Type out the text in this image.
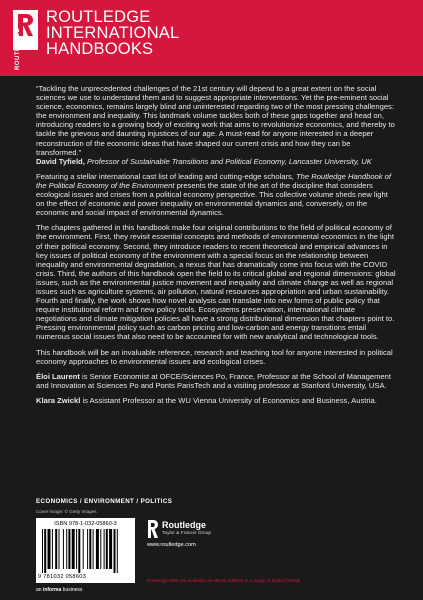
ROUTLEDGE
ROUTLEDGE
INTERNATIONAL
HANDBOOKS
“Tackling the unprecedented challenges of the 21st century will depend to a great extent on the social sciences we use to understand them and to suggest appropriate interventions. Yet the pre-eminent social science, economics, remains largely blind and uninterested regarding two of the most pressing challenges: the environment and inequality. This landmark volume tackles both of these gaps together and head on, introducing readers to a growing body of exciting work that aims to revolutionize economics, and thereby to tackle the grievous and daunting injustices of our age. A must-read for anyone interested in a deeper reconstruction of the economic ideas that have shaped our current crisis and how they can be transformed.”
David Tyfield, Professor of Sustainable Transitions and Political Economy, Lancaster University, UK

Featuring a stellar international cast list of leading and cutting-edge scholars, The Routledge Handbook of the Political Economy of the Environment presents the state of the art of the discipline that considers ecological issues and crises from a political economy perspective. This collective volume sheds new light on the effect of economic and power inequality on environmental dynamics and, conversely, on the economic and social impact of environmental dynamics.

The chapters gathered in this handbook make four original contributions to the field of political economy of the environment. First, they revisit essential concepts and methods of environmental economics in the light of their political economy. Second, they introduce readers to recent theoretical and empirical advances in key issues of political economy of the environment with a special focus on the relationship between inequality and environmental degradation, a nexus that has dramatically come into focus with the COVID crisis. Third, the authors of this handbook open the field to its critical global and regional dimensions: global issues, such as the environmental justice movement and inequality and climate change as well as regional issues such as agriculture systems, air pollution, natural resources appropriation and urban sustainability. Fourth and finally, the work shows how novel analysis can translate into new forms of public policy that require institutional reform and new policy tools. Ecosystems preservation, international climate negotiations and climate mitigation policies all have a strong distributional dimension that chapters point to. Pressing environmental policy such as carbon pricing and low-carbon and energy transitions entail numerous social issues that also need to be accounted for with new analytical and technological tools.

This handbook will be an invaluable reference, research and teaching tool for anyone interested in political economy approaches to environmental issues and ecological crises.

Éloi Laurent is Senior Economist at OFCE/Sciences Po, France, Professor at the School of Management and Innovation at Sciences Po and Ponts ParisTech and a visiting professor at Stanford University, USA.

Klara Zwickl is Assistant Professor at the WU Vienna University of Economics and Business, Austria.

ECONOMICS / ENVIRONMENT / POLITICS
Cover image: © Getty Images
ISBN 978-1-032-05860-3
9 781032 058603
Routledge
Taylor & Francis Group
www.routledge.com
Routledge titles are available as eBook editions in a range of digital formats
an informa business
